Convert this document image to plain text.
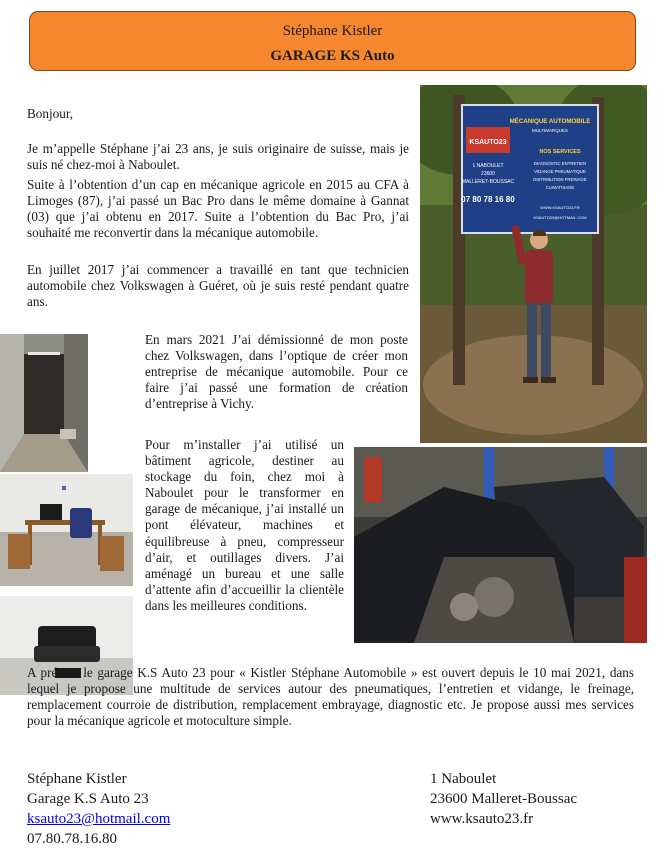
Stéphane Kistler
GARAGE KS Auto

Bonjour,

Je m’appelle Stéphane j’ai 23 ans, je suis originaire de suisse, mais je suis né chez-moi à Naboulet.

Suite à l’obtention d’un cap en mécanique agricole en 2015 au CFA à Limoges (87), j’ai passé un Bac Pro dans le même domaine à Gannat (03) que j’ai obtenu en 2017. Suite a l’obtention du Bac Pro, j’ai souhaité me reconvertir dans la mécanique automobile.

En juillet 2017 j’ai commencer a travaillé en tant que technicien automobile chez Volkswagen à Guéret, où je suis resté pendant quatre ans.

KSAUTO23
MÉCANIQUE AUTOMOBILE
MULTIMARQUES
1 NABOULET
23600
MALLERET-BOUSSAC
07 80 78 16 80
NOS SERVICES
DIAGNOSTIC ENTRETIEN
VIDANGE PNEUMATIQUE
DISTRIBUTION FREINAGE
CLIMATISAGE
WWW.KSAUTO23.FR
KSAUTO23@HOTMAIL.COM

En mars 2021 J’ai démissionné de mon poste chez Volkswagen, dans l’optique de créer mon entreprise de mécanique automobile. Pour ce faire j’ai passé une formation de création d’entreprise à Vichy.

Pour m’installer j’ai utilisé un bâtiment agricole, destiner au stockage du foin, chez moi à Naboulet pour le transformer en garage de mécanique, j’ai installé un pont élévateur, machines et équilibreuse à pneu, compresseur d’air, et outillages divers. J’ai aménagé un bureau et une salle d’attente afin d’accueillir la clientèle dans les meilleures conditions.

A présent le garage K.S Auto 23 pour « Kistler Stéphane Automobile » est ouvert depuis le 10 mai 2021, dans lequel je propose une multitude de services autour des pneumatiques, l’entretien et vidange, le freinage, remplacement courroie de distribution, remplacement embrayage, diagnostic etc. Je propose aussi mes services pour la mécanique agricole et motoculture simple.

Stéphane Kistler
Garage K.S Auto 23
ksauto23@hotmail.com
07.80.78.16.80
1 Naboulet
23600 Malleret-Boussac
www.ksauto23.fr
